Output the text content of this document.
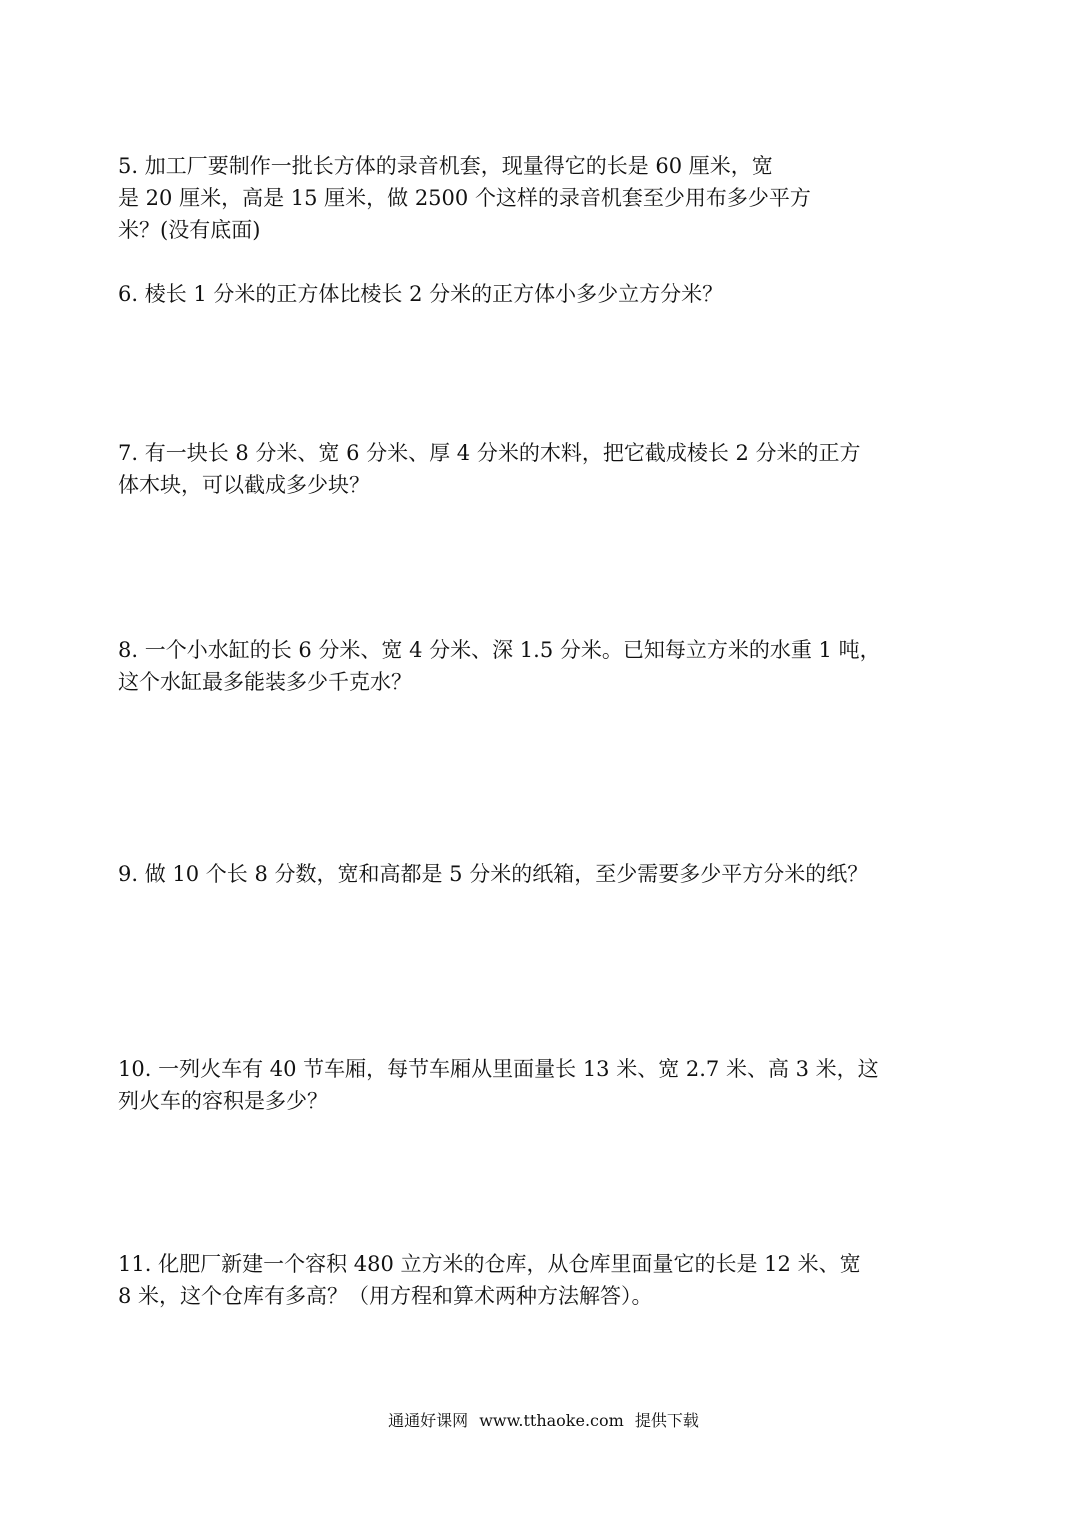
5. 加工厂要制作一批长方体的录音机套，现量得它的长是 60 厘米，宽
是 20 厘米，高是 15 厘米，做 2500 个这样的录音机套至少用布多少平方
米？(没有底面)
6. 棱长 1 分米的正方体比棱长 2 分米的正方体小多少立方分米？
7. 有一块长 8 分米、宽 6 分米、厚 4 分米的木料，把它截成棱长 2 分米的正方
体木块，可以截成多少块？
8. 一个小水缸的长 6 分米、宽 4 分米、深 1.5 分米。已知每立方米的水重 1 吨，
这个水缸最多能装多少千克水？
9. 做 10 个长 8 分数，宽和高都是 5 分米的纸箱，至少需要多少平方分米的纸？
10. 一列火车有 40 节车厢，每节车厢从里面量长 13 米、宽 2.7 米、高 3 米，这
列火车的容积是多少？
11. 化肥厂新建一个容积 480 立方米的仓库，从仓库里面量它的长是 12 米、宽
8 米，这个仓库有多高？（用方程和算术两种方法解答）。
通通好课网 www.tthaoke.com 提供下载
